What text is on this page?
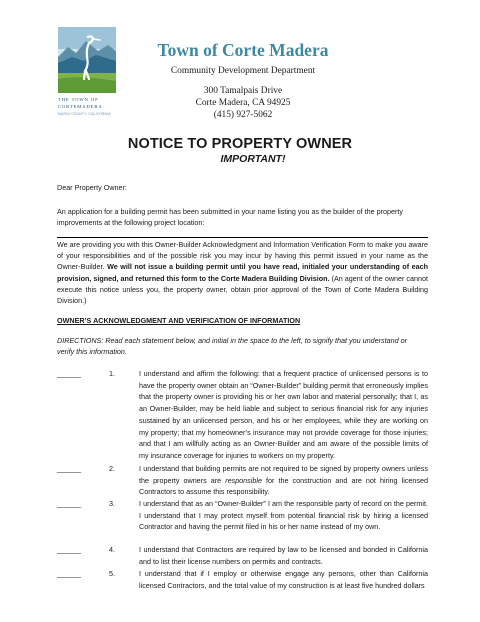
THE TOWN OF
CORTEMADERA
MARIN COUNTY, CALIFORNIA
Town of Corte Madera
Community Development Department
300 Tamalpais Drive
Corte Madera, CA 94925
(415) 927-5062
NOTICE TO PROPERTY OWNER
IMPORTANT!
Dear Property Owner:
An application for a building permit has been submitted in your name listing you as the builder of the property improvements at the following project location:
We are providing you with this Owner-Builder Acknowledgment and Information Verification Form to make you aware of your responsibilities and of the possible risk you may incur by having this permit issued in your name as the Owner-Builder. We will not issue a building permit until you have read, initialed your understanding of each provision, signed, and returned this form to the Corte Madera Building Division. (An agent of the owner cannot execute this notice unless you, the property owner, obtain prior approval of the Town of Corte Madera Building Division.)
OWNER’S ACKNOWLEDGMENT AND VERIFICATION OF INFORMATION
DIRECTIONS: Read each statement below, and initial in the space to the left, to signify that you understand or verify this information.
______	1.	I understand and affirm the following: that a frequent practice of unlicensed persons is to have the property owner obtain an “Owner-Builder” building permit that erroneously implies that the property owner is providing his or her own labor and material personally; that I, as an Owner-Builder, may be held liable and subject to serious financial risk for any injuries sustained by an unlicensed person, and his or her employees, while they are working on my property; that my homeowner’s insurance may not provide coverage for those injuries; and that I am willfully acting as an Owner-Builder and am aware of the possible limits of my insurance coverage for injuries to workers on my property.
______	2.	I understand that building permits are not required to be signed by property owners unless the property owners are responsible for the construction and are not hiring licensed Contractors to assume this responsibility.
______	3.	I understand that as an “Owner-Builder” I am the responsible party of record on the permit. I understand that I may protect myself from potential financial risk by hiring a licensed Contractor and having the permit filed in his or her name instead of my own.
______	4.	I understand that Contractors are required by law to be licensed and bonded in California and to list their license numbers on permits and contracts.
______	5.	I understand that if I employ or otherwise engage any persons, other than California licensed Contractors, and the total value of my construction is at least five hundred dollars
